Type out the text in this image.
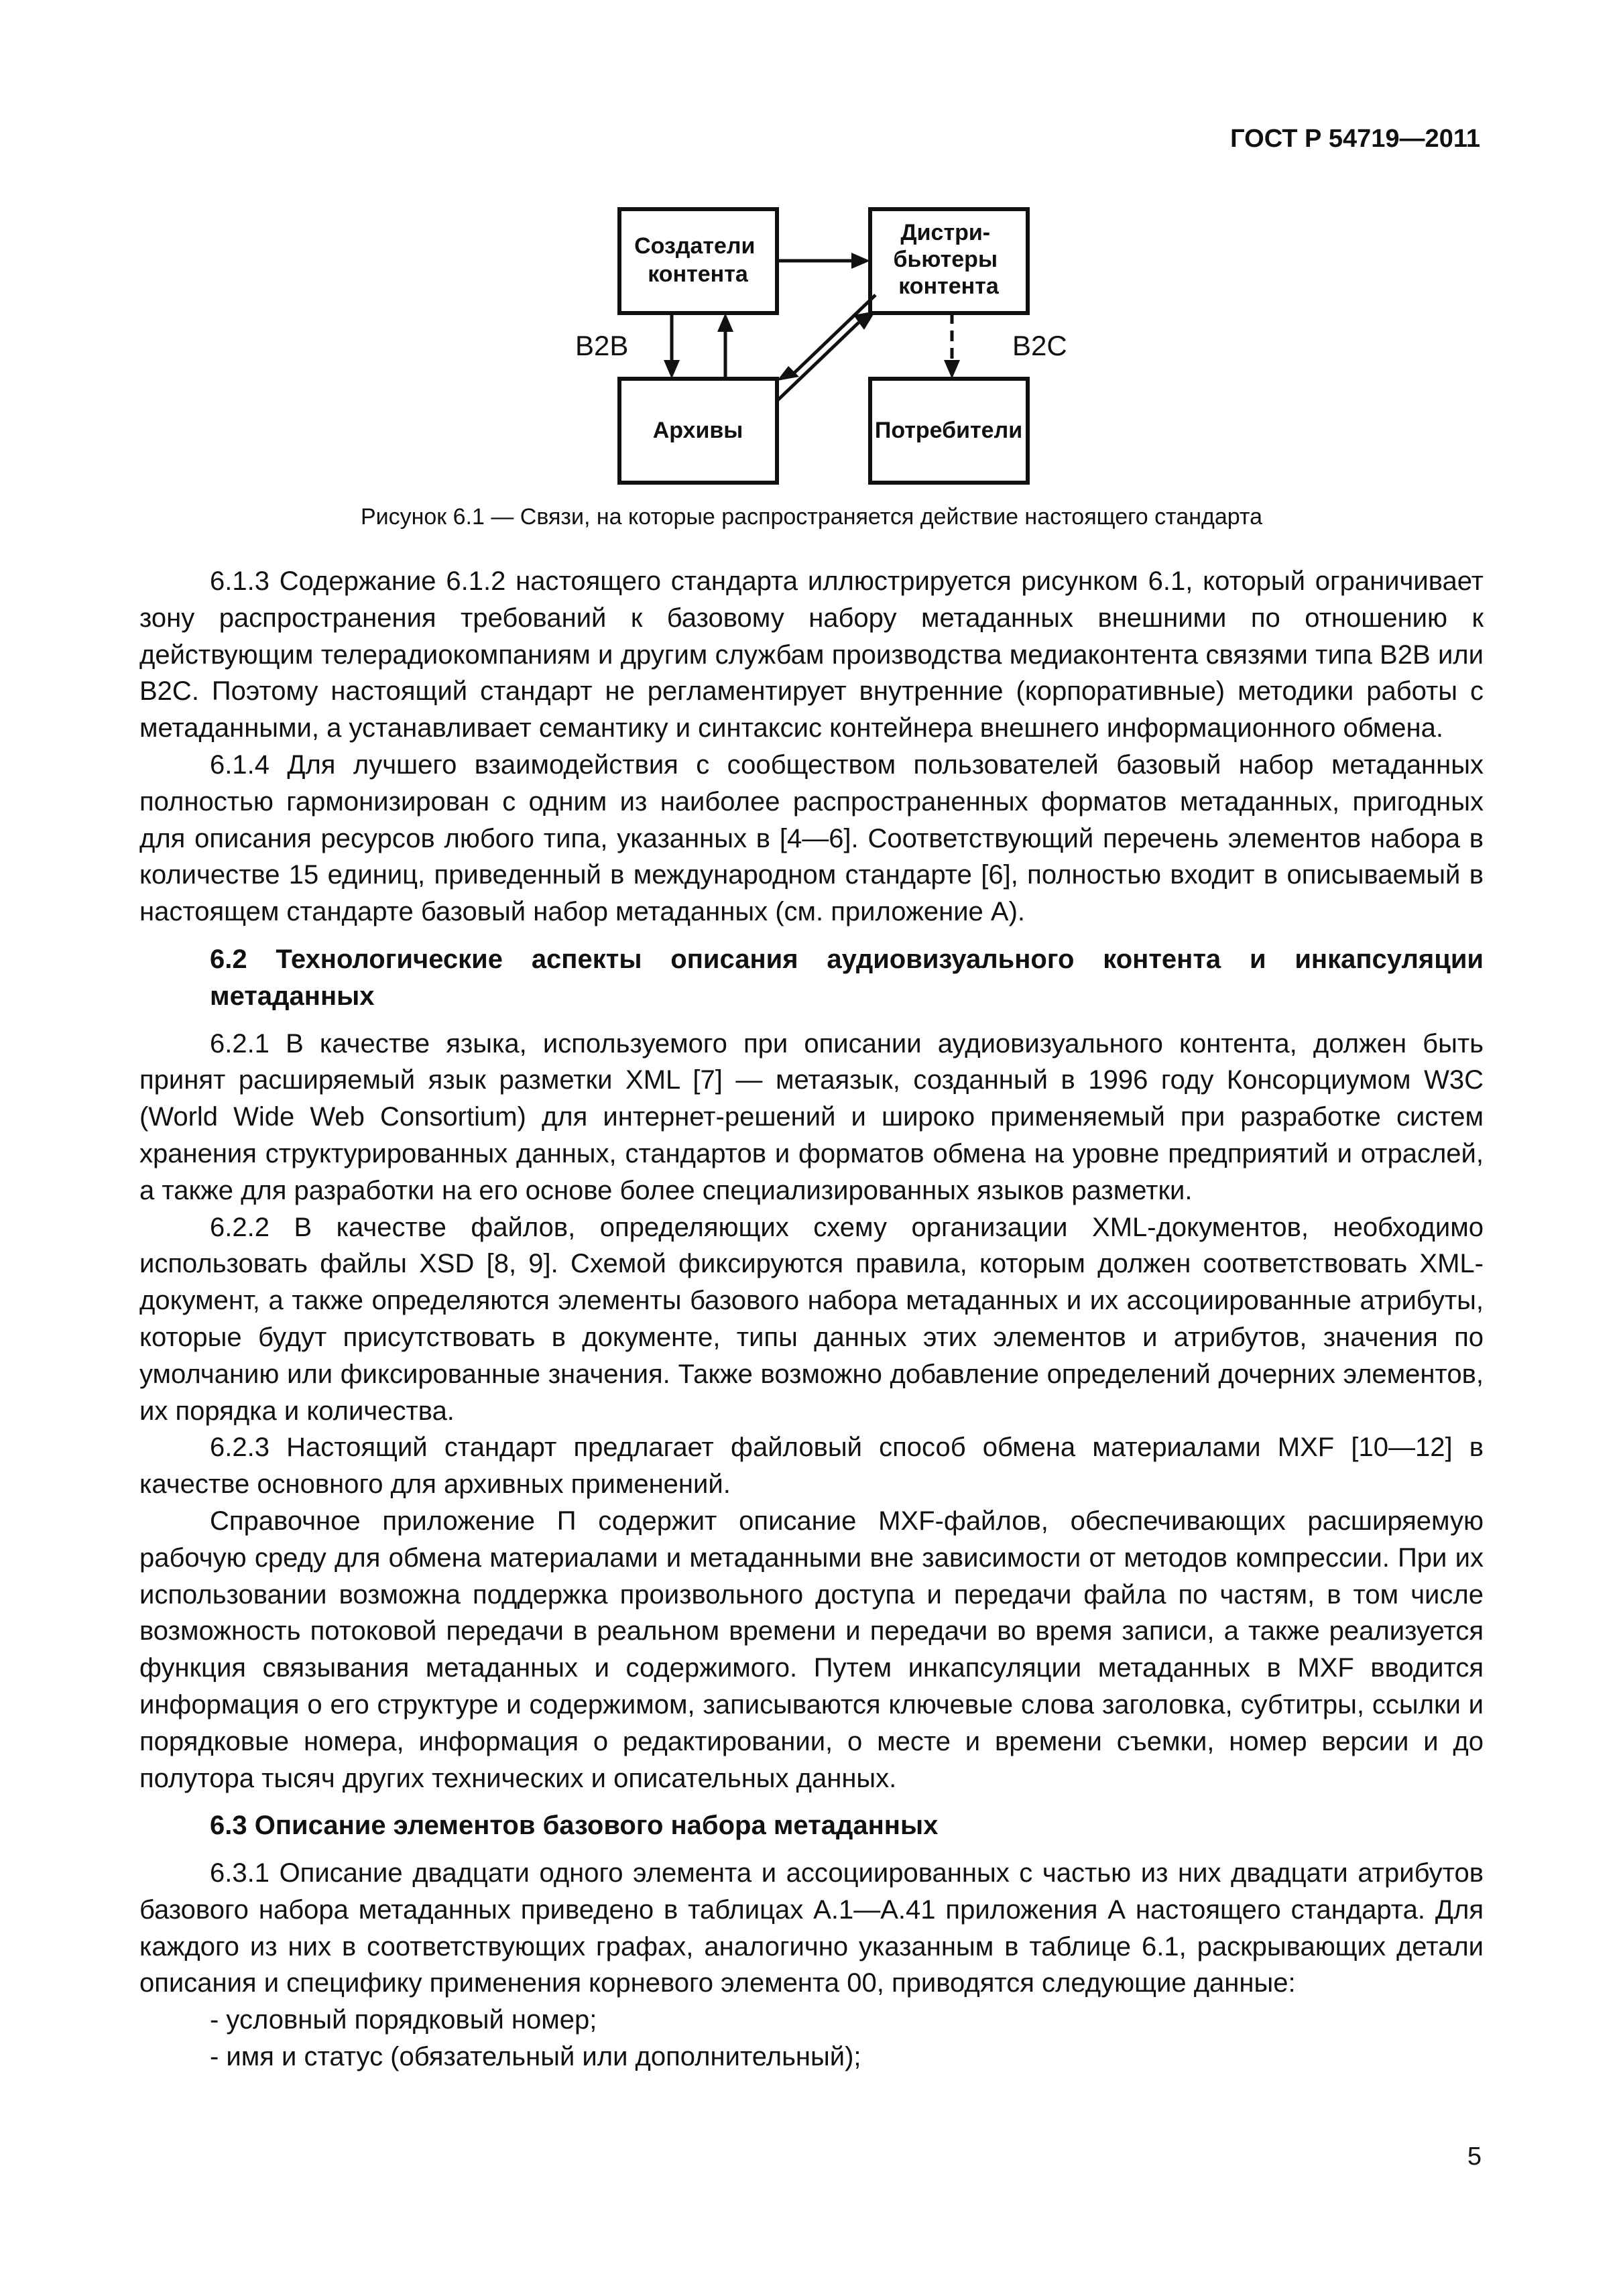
ГОСТ Р 54719—2011
Создатели контента
Дистри- бьютеры контента
Архивы	Потребители
B2B	B2C
Рисунок 6.1 — Связи, на которые распространяется действие настоящего стандарта

6.1.3 Содержание 6.1.2 настоящего стандарта иллюстрируется рисунком 6.1, который ограничивает зону распространения требований к базовому набору метаданных внешними по отношению к действующим телерадиокомпаниям и другим службам производства медиаконтента связями типа B2B или B2C. Поэтому настоящий стандарт не регламентирует внутренние (корпоративные) методики работы с метаданными, а устанавливает семантику и синтаксис контейнера внешнего информационного обмена.

6.1.4 Для лучшего взаимодействия с сообществом пользователей базовый набор метаданных полностью гармонизирован с одним из наиболее распространенных форматов метаданных, пригодных для описания ресурсов любого типа, указанных в [4—6]. Соответствующий перечень элементов набора в количестве 15 единиц, приведенный в международном стандарте [6], полностью входит в описываемый в настоящем стандарте базовый набор метаданных (см. приложение А).

6.2 Технологические аспекты описания аудиовизуального контента и инкапсуляции метаданных

6.2.1 В качестве языка, используемого при описании аудиовизуального контента, должен быть принят расширяемый язык разметки XML [7] — метаязык, созданный в 1996 году Консорциумом W3C (World Wide Web Consortium) для интернет-решений и широко применяемый при разработке систем хранения структурированных данных, стандартов и форматов обмена на уровне предприятий и отраслей, а также для разработки на его основе более специализированных языков разметки.

6.2.2 В качестве файлов, определяющих схему организации XML-документов, необходимо использовать файлы XSD [8, 9]. Схемой фиксируются правила, которым должен соответствовать XML-документ, а также определяются элементы базового набора метаданных и их ассоциированные атрибуты, которые будут присутствовать в документе, типы данных этих элементов и атрибутов, значения по умолчанию или фиксированные значения. Также возможно добавление определений дочерних элементов, их порядка и количества.

6.2.3 Настоящий стандарт предлагает файловый способ обмена материалами MXF [10—12] в качестве основного для архивных применений.

Справочное приложение П содержит описание MXF-файлов, обеспечивающих расширяемую рабочую среду для обмена материалами и метаданными вне зависимости от методов компрессии. При их использовании возможна поддержка произвольного доступа и передачи файла по частям, в том числе возможность потоковой передачи в реальном времени и передачи во время записи, а также реализуется функция связывания метаданных и содержимого. Путем инкапсуляции метаданных в MXF вводится информация о его структуре и содержимом, записываются ключевые слова заголовка, субтитры, ссылки и порядковые номера, информация о редактировании, о месте и времени съемки, номер версии и до полутора тысяч других технических и описательных данных.

6.3 Описание элементов базового набора метаданных

6.3.1 Описание двадцати одного элемента и ассоциированных с частью из них двадцати атрибутов базового набора метаданных приведено в таблицах А.1—А.41 приложения А настоящего стандарта. Для каждого из них в соответствующих графах, аналогично указанным в таблице 6.1, раскрывающих детали описания и специфику применения корневого элемента 00, приводятся следующие данные:

- условный порядковый номер;

- имя и статус (обязательный или дополнительный);

5
